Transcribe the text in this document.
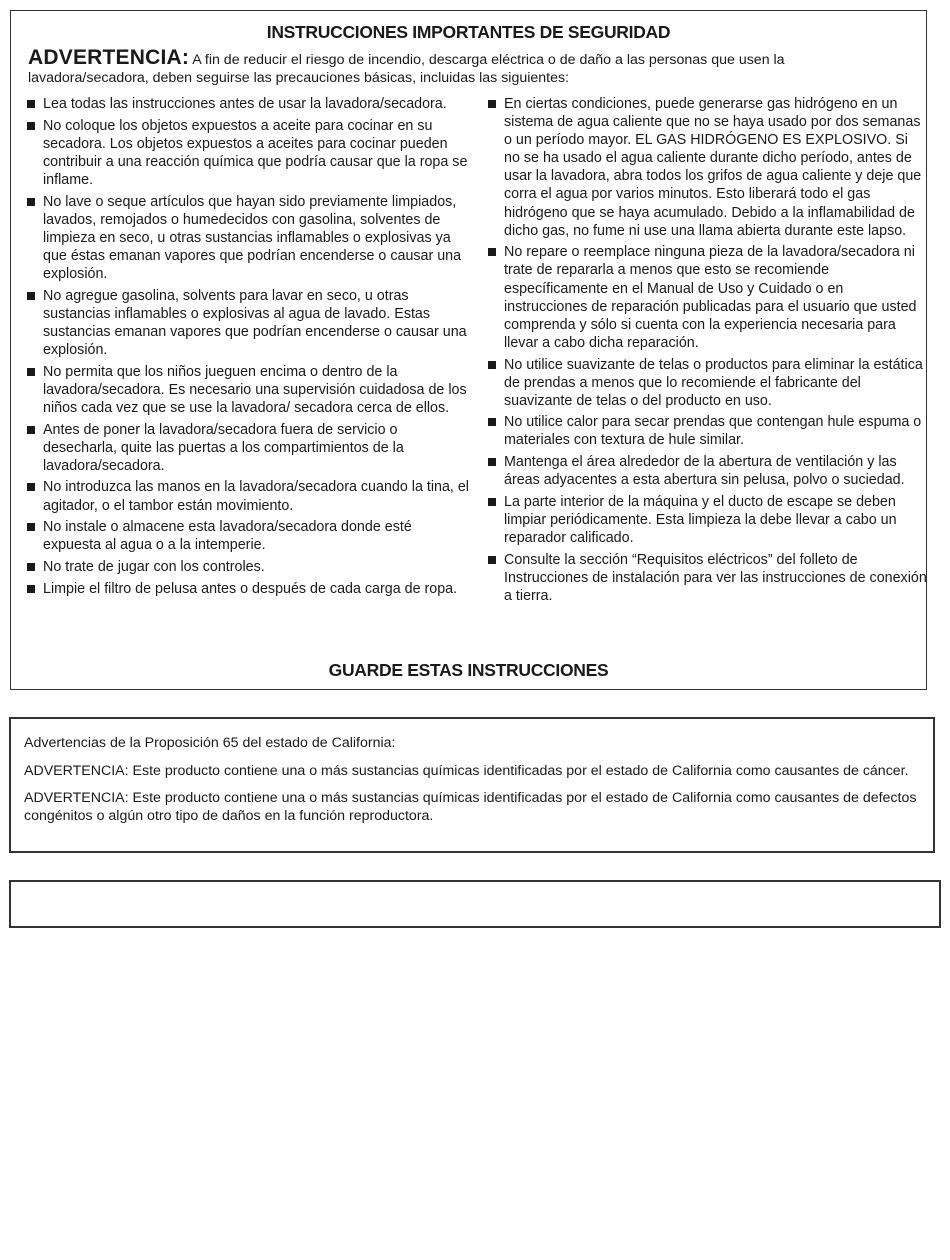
INSTRUCCIONES IMPORTANTES DE SEGURIDAD

ADVERTENCIA: A fin de reducir el riesgo de incendio, descarga eléctrica o de daño a las personas que usen la lavadora/secadora, deben seguirse las precauciones básicas, incluidas las siguientes:

Lea todas las instrucciones antes de usar la lavadora/secadora.
No coloque los objetos expuestos a aceite para cocinar en su secadora. Los objetos expuestos a aceites para cocinar pueden contribuir a una reacción química que podría causar que la ropa se inflame.
No lave o seque artículos que hayan sido previamente limpiados, lavados, remojados o humedecidos con gasolina, solventes de limpieza en seco, u otras sustancias inflamables o explosivas ya que éstas emanan vapores que podrían encenderse o causar una explosión.
No agregue gasolina, solvents para lavar en seco, u otras sustancias inflamables o explosivas al agua de lavado. Estas sustancias emanan vapores que podrían encenderse o causar una explosión.
No permita que los niños jueguen encima o dentro de la lavadora/secadora. Es necesario una supervisión cuidadosa de los niños cada vez que se use la lavadora/ secadora cerca de ellos.
Antes de poner la lavadora/secadora fuera de servicio o desecharla, quite las puertas a los compartimientos de la lavadora/secadora.
No introduzca las manos en la lavadora/secadora cuando la tina, el agitador, o el tambor están movimiento.
No instale o almacene esta lavadora/secadora donde esté expuesta al agua o a la intemperie.
No trate de jugar con los controles.
Limpie el filtro de pelusa antes o después de cada carga de ropa.
En ciertas condiciones, puede generarse gas hidrógeno en un sistema de agua caliente que no se haya usado por dos semanas o un período mayor. EL GAS HIDRÓGENO ES EXPLOSIVO. Si no se ha usado el agua caliente durante dicho período, antes de usar la lavadora, abra todos los grifos de agua caliente y deje que corra el agua por varios minutos. Esto liberará todo el gas hidrógeno que se haya acumulado. Debido a la inflamabilidad de dicho gas, no fume ni use una llama abierta durante este lapso.
No repare o reemplace ninguna pieza de la lavadora/secadora ni trate de repararla a menos que esto se recomiende específicamente en el Manual de Uso y Cuidado o en instrucciones de reparación publicadas para el usuario que usted comprenda y sólo si cuenta con la experiencia necesaria para llevar a cabo dicha reparación.
No utilice suavizante de telas o productos para eliminar la estática de prendas a menos que lo recomiende el fabricante del suavizante de telas o del producto en uso.
No utilice calor para secar prendas que contengan hule espuma o materiales con textura de hule similar.
Mantenga el área alrededor de la abertura de ventilación y las áreas adyacentes a esta abertura sin pelusa, polvo o suciedad.
La parte interior de la máquina y el ducto de escape se deben limpiar periódicamente. Esta limpieza la debe llevar a cabo un reparador calificado.
Consulte la sección “Requisitos eléctricos” del folleto de Instrucciones de instalación para ver las instrucciones de conexión a tierra.
GUARDE ESTAS INSTRUCCIONES

Advertencias de la Proposición 65 del estado de California:

ADVERTENCIA: Este producto contiene una o más sustancias químicas identificadas por el estado de California como causantes de cáncer.

ADVERTENCIA: Este producto contiene una o más sustancias químicas identificadas por el estado de California como causantes de defectos congénitos o algún otro tipo de daños en la función reproductora.
